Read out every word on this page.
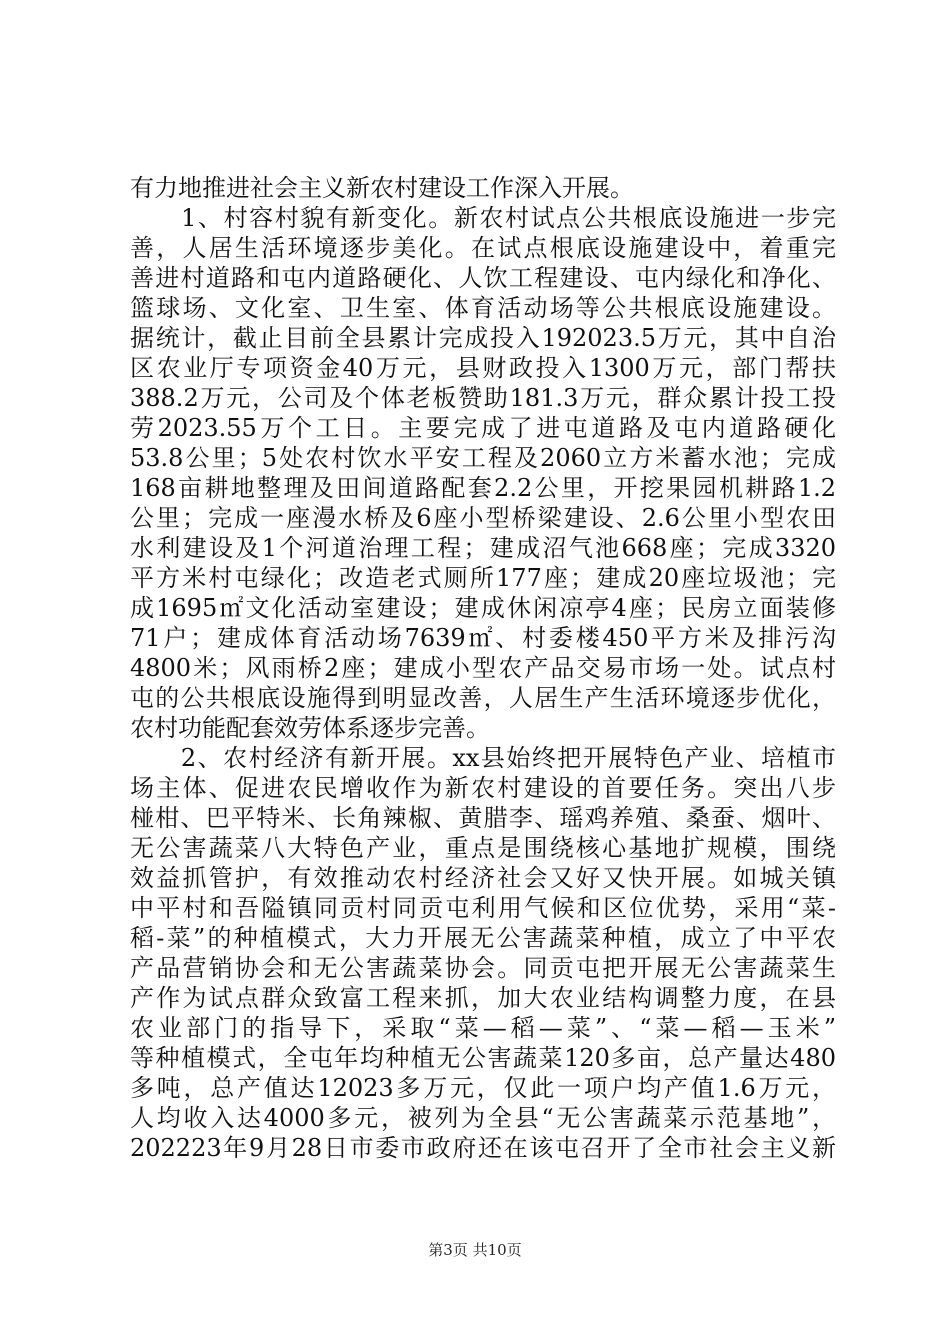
有力地推进社会主义新农村建设工作深入开展。
　　1、村容村貌有新变化。新农村试点公共根底设施进一步完
善，人居生活环境逐步美化。在试点根底设施建设中，着重完
善进村道路和屯内道路硬化、人饮工程建设、屯内绿化和净化、
篮球场、文化室、卫生室、体育活动场等公共根底设施建设。
据统计，截止目前全县累计完成投入192023.5万元，其中自治
区农业厅专项资金40万元，县财政投入1300万元，部门帮扶
388.2万元，公司及个体老板赞助181.3万元，群众累计投工投
劳2023.55万个工日。主要完成了进屯道路及屯内道路硬化
53.8公里；5处农村饮水平安工程及2060立方米蓄水池；完成
168亩耕地整理及田间道路配套2.2公里，开挖果园机耕路1.2
公里；完成一座漫水桥及6座小型桥梁建设、2.6公里小型农田
水利建设及1个河道治理工程；建成沼气池668座；完成3320
平方米村屯绿化；改造老式厕所177座；建成20座垃圾池；完
成1695㎡文化活动室建设；建成休闲凉亭4座；民房立面装修
71户；建成体育活动场7639㎡、村委楼450平方米及排污沟
4800米；风雨桥2座；建成小型农产品交易市场一处。试点村
屯的公共根底设施得到明显改善，人居生产生活环境逐步优化，
农村功能配套效劳体系逐步完善。
　　2、农村经济有新开展。xx县始终把开展特色产业、培植市
场主体、促进农民增收作为新农村建设的首要任务。突出八步
椪柑、巴平特米、长角辣椒、黄腊李、瑶鸡养殖、桑蚕、烟叶、
无公害蔬菜八大特色产业，重点是围绕核心基地扩规模，围绕
效益抓管护，有效推动农村经济社会又好又快开展。如城关镇
中平村和吾隘镇同贡村同贡屯利用气候和区位优势，采用“菜-
稻-菜”的种植模式，大力开展无公害蔬菜种植，成立了中平农
产品营销协会和无公害蔬菜协会。同贡屯把开展无公害蔬菜生
产作为试点群众致富工程来抓，加大农业结构调整力度，在县
农业部门的指导下，采取“菜—稻—菜”、“菜—稻—玉米”
等种植模式，全屯年均种植无公害蔬菜120多亩，总产量达480
多吨，总产值达12023多万元，仅此一项户均产值1.6万元，
人均收入达4000多元，被列为全县“无公害蔬菜示范基地”，
202223年9月28日市委市政府还在该屯召开了全市社会主义新
第3页 共10页
